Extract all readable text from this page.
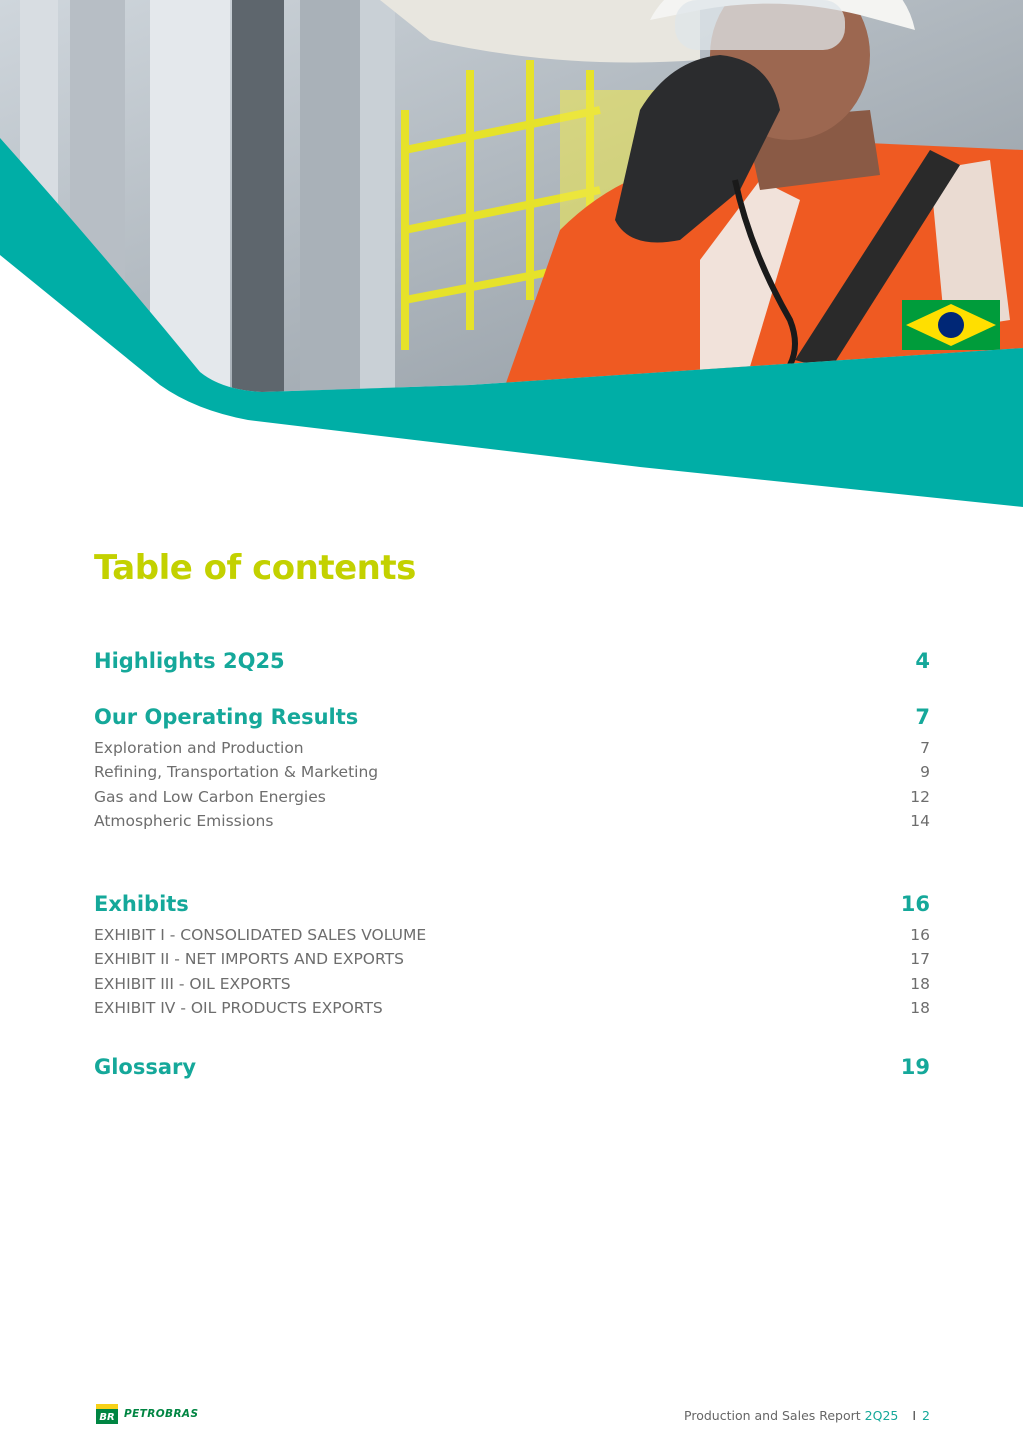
Table of contents
Highlights 2Q25	4
Our Operating Results	7
Exploration and Production	7
Refining, Transportation & Marketing	9
Gas and Low Carbon Energies	12
Atmospheric Emissions	14
Exhibits	16
EXHIBIT I - CONSOLIDATED SALES VOLUME	16
EXHIBIT II - NET IMPORTS AND EXPORTS	17
EXHIBIT III - OIL EXPORTS	18
EXHIBIT IV - OIL PRODUCTS EXPORTS	18
Glossary	19
BR PETROBRAS	Production and Sales Report 2Q25 I 2
